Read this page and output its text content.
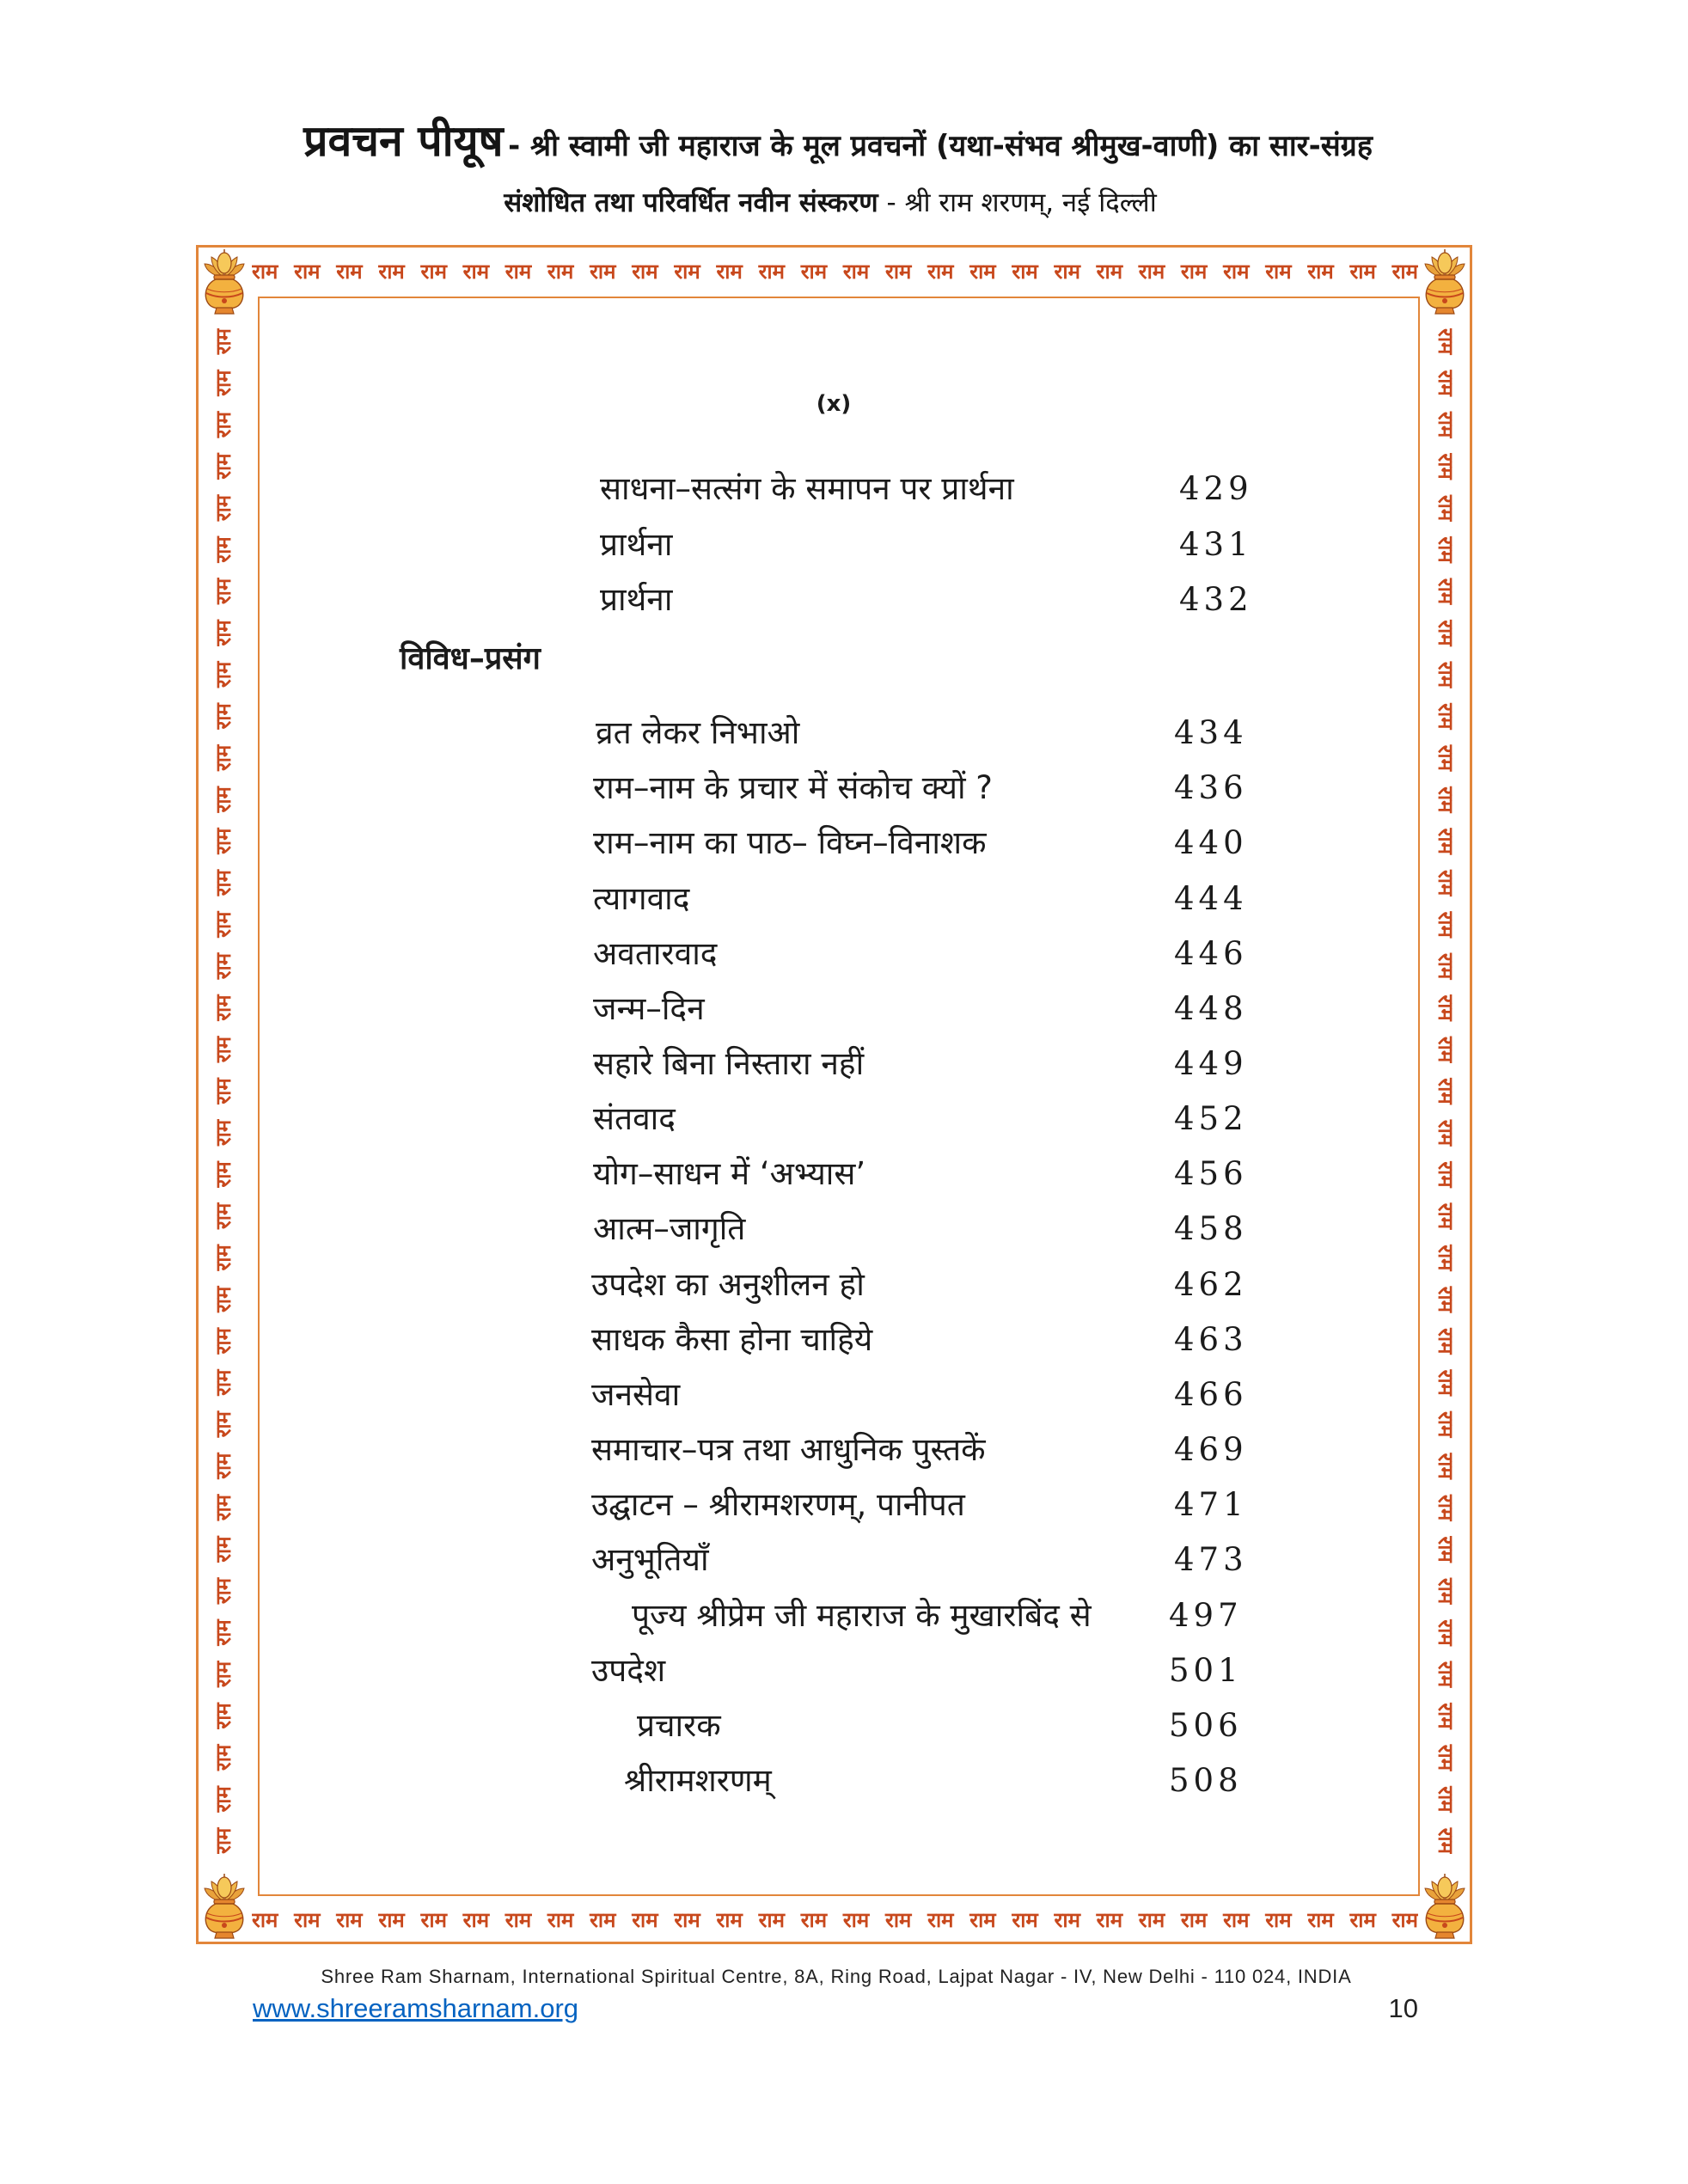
प्रवचन पीयूष - श्री स्वामी जी महाराज के मूल प्रवचनों (यथा-संभव श्रीमुख-वाणी) का सार-संग्रह
संशोधित तथा परिवर्धित नवीन संस्करण - श्री राम शरणम्, नई दिल्ली
राम राम राम राम राम राम राम राम राम राम राम राम राम राम राम राम राम राम राम राम राम राम राम राम राम राम राम राम
राम राम राम राम राम राम राम राम राम राम राम राम राम राम राम राम राम राम राम राम राम राम राम राम राम राम राम राम
राम राम राम राम राम राम राम राम राम राम राम राम राम राम राम राम राम राम राम राम राम राम राम राम राम राम राम राम राम राम राम राम राम राम राम राम राम	राम राम राम राम राम राम राम राम राम राम राम राम राम राम राम राम राम राम राम राम राम राम राम राम राम राम राम राम राम राम राम राम राम राम राम राम राम
(x)
साधना–सत्संग के समापन पर प्रार्थना	429
प्रार्थना	431
प्रार्थना	432
विविध–प्रसंग
व्रत लेकर निभाओ	434
राम–नाम के प्रचार में संकोच क्यों ?	436
राम–नाम का पाठ– विघ्न–विनाशक	440
त्यागवाद	444
अवतारवाद	446
जन्म–दिन	448
सहारे बिना निस्तारा नहीं	449
संतवाद	452
योग–साधन में ‘अभ्यास’	456
आत्म–जागृति	458
उपदेश का अनुशीलन हो	462
साधक कैसा होना चाहिये	463
जनसेवा	466
समाचार–पत्र तथा आधुनिक पुस्तकें	469
उद्घाटन – श्रीरामशरणम्, पानीपत	471
अनुभूतियाँ	473
पूज्य श्रीप्रेम जी महाराज के मुखारबिंद से 497
उपदेश	501
प्रचारक	506
श्रीरामशरणम्	508
Shree Ram Sharnam, International Spiritual Centre, 8A, Ring Road, Lajpat Nagar - IV, New Delhi - 110 024, INDIA
www.shreeramsharnam.org	10
